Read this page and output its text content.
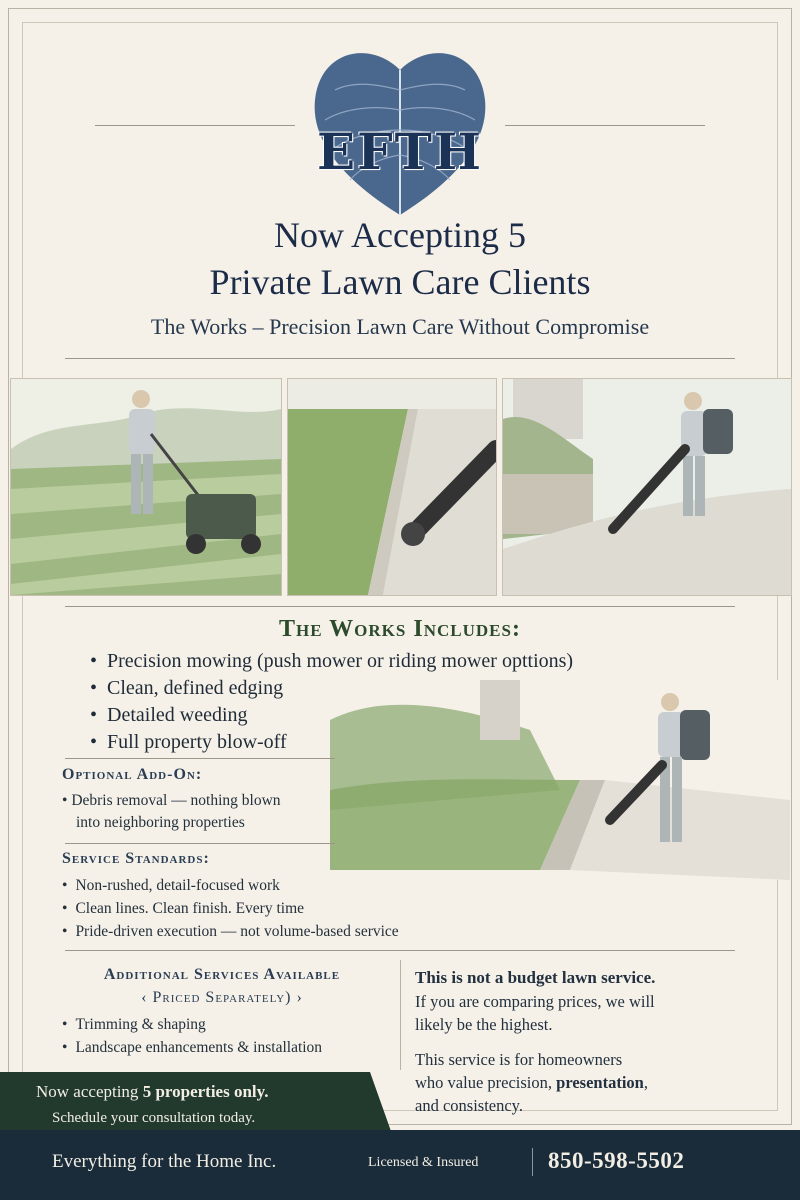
EFTH
Now Accepting 5
Private Lawn Care Clients
The Works – Precision Lawn Care Without Compromise
The Works Includes:
• Precision mowing (push mower or riding mower opttions)
• Clean, defined edging
• Detailed weeding
• Full property blow-off
Optional Add-On:
• Debris removal — nothing blown
into neighboring properties
Service Standards:
• Non-rushed, detail-focused work
• Clean lines. Clean finish. Every time
• Pride-driven execution — not volume-based service
Additional Services Available
‹ Priced Separately) ›
• Trimming & shaping
• Landscape enhancements & installation
This is not a budget lawn service.
If you are comparing prices, we will
likely be the highest.
This service is for homeowners
who value precision, presentation,
and consistency.
Now accepting 5 properties only.
Schedule your consultation today.
Everything for the Home Inc.	Licensed & Insured	850-598-5502
